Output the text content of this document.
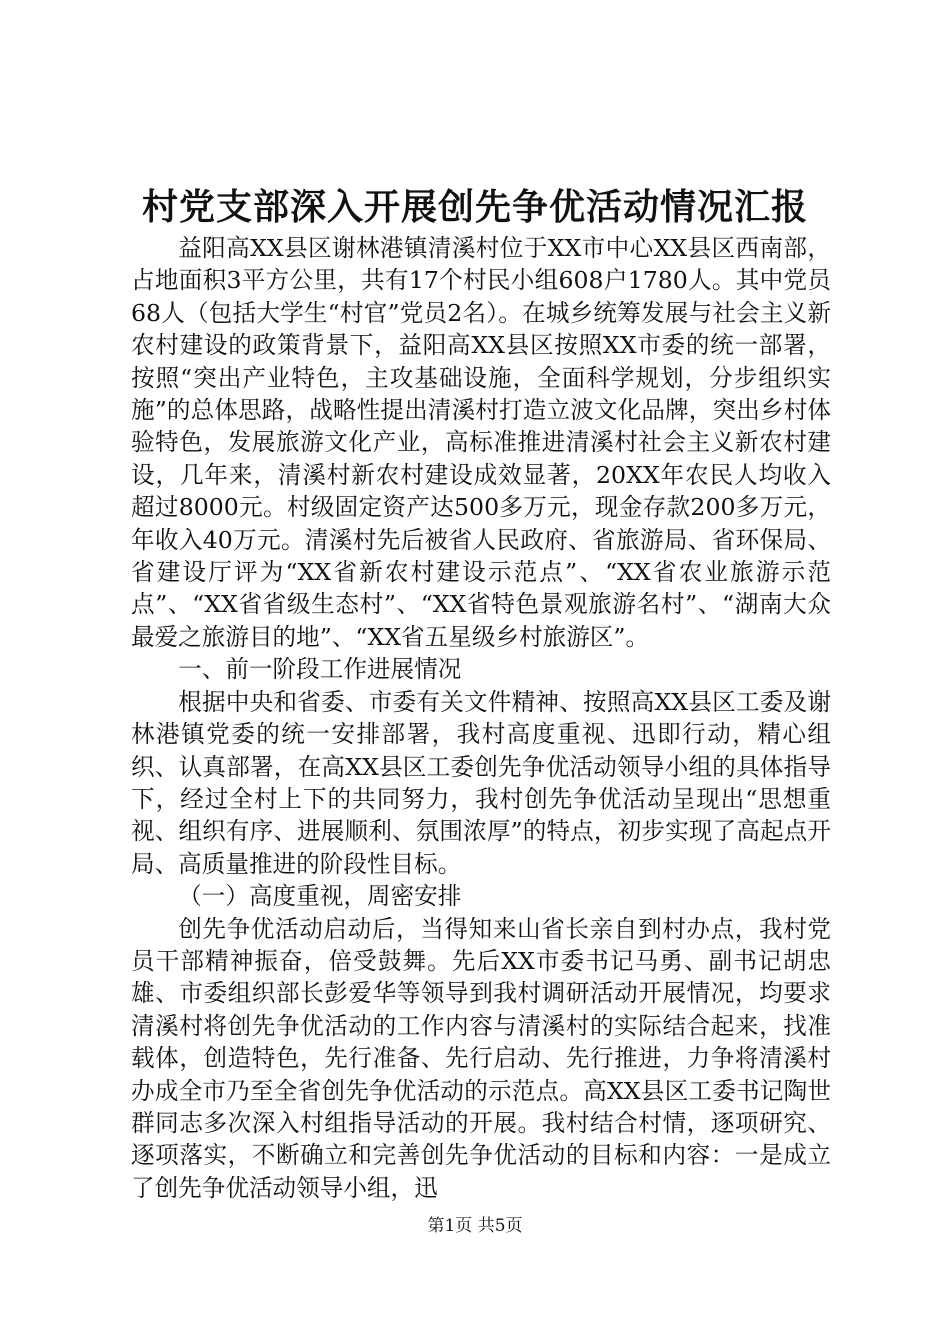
村党支部深入开展创先争优活动情况汇报

益阳高XX县区谢林港镇清溪村位于XX市中心XX县区西南部，占地面积3平方公里，共有17个村民小组608户1780人。其中党员68人（包括大学生“村官”党员2名）。在城乡统筹发展与社会主义新农村建设的政策背景下，益阳高XX县区按照XX市委的统一部署，按照“突出产业特色，主攻基础设施，全面科学规划，分步组织实施”的总体思路，战略性提出清溪村打造立波文化品牌，突出乡村体验特色，发展旅游文化产业，高标准推进清溪村社会主义新农村建设，几年来，清溪村新农村建设成效显著，20XX年农民人均收入超过8000元。村级固定资产达500多万元，现金存款200多万元，年收入40万元。清溪村先后被省人民政府、省旅游局、省环保局、省建设厅评为“XX省新农村建设示范点”、“XX省农业旅游示范点”、“XX省省级生态村”、“XX省特色景观旅游名村”、“湖南大众最爱之旅游目的地”、“XX省五星级乡村旅游区”。

一、前一阶段工作进展情况

根据中央和省委、市委有关文件精神、按照高XX县区工委及谢林港镇党委的统一安排部署，我村高度重视、迅即行动，精心组织、认真部署，在高XX县区工委创先争优活动领导小组的具体指导下，经过全村上下的共同努力，我村创先争优活动呈现出“思想重视、组织有序、进展顺利、氛围浓厚”的特点，初步实现了高起点开局、高质量推进的阶段性目标。

（一）高度重视，周密安排

创先争优活动启动后，当得知来山省长亲自到村办点，我村党员干部精神振奋，倍受鼓舞。先后XX市委书记马勇、副书记胡忠雄、市委组织部长彭爱华等领导到我村调研活动开展情况，均要求清溪村将创先争优活动的工作内容与清溪村的实际结合起来，找准载体，创造特色，先行准备、先行启动、先行推进，力争将清溪村办成全市乃至全省创先争优活动的示范点。高XX县区工委书记陶世群同志多次深入村组指导活动的开展。我村结合村情，逐项研究、逐项落实，不断确立和完善创先争优活动的目标和内容：一是成立了创先争优活动领导小组，迅

第1页 共5页
